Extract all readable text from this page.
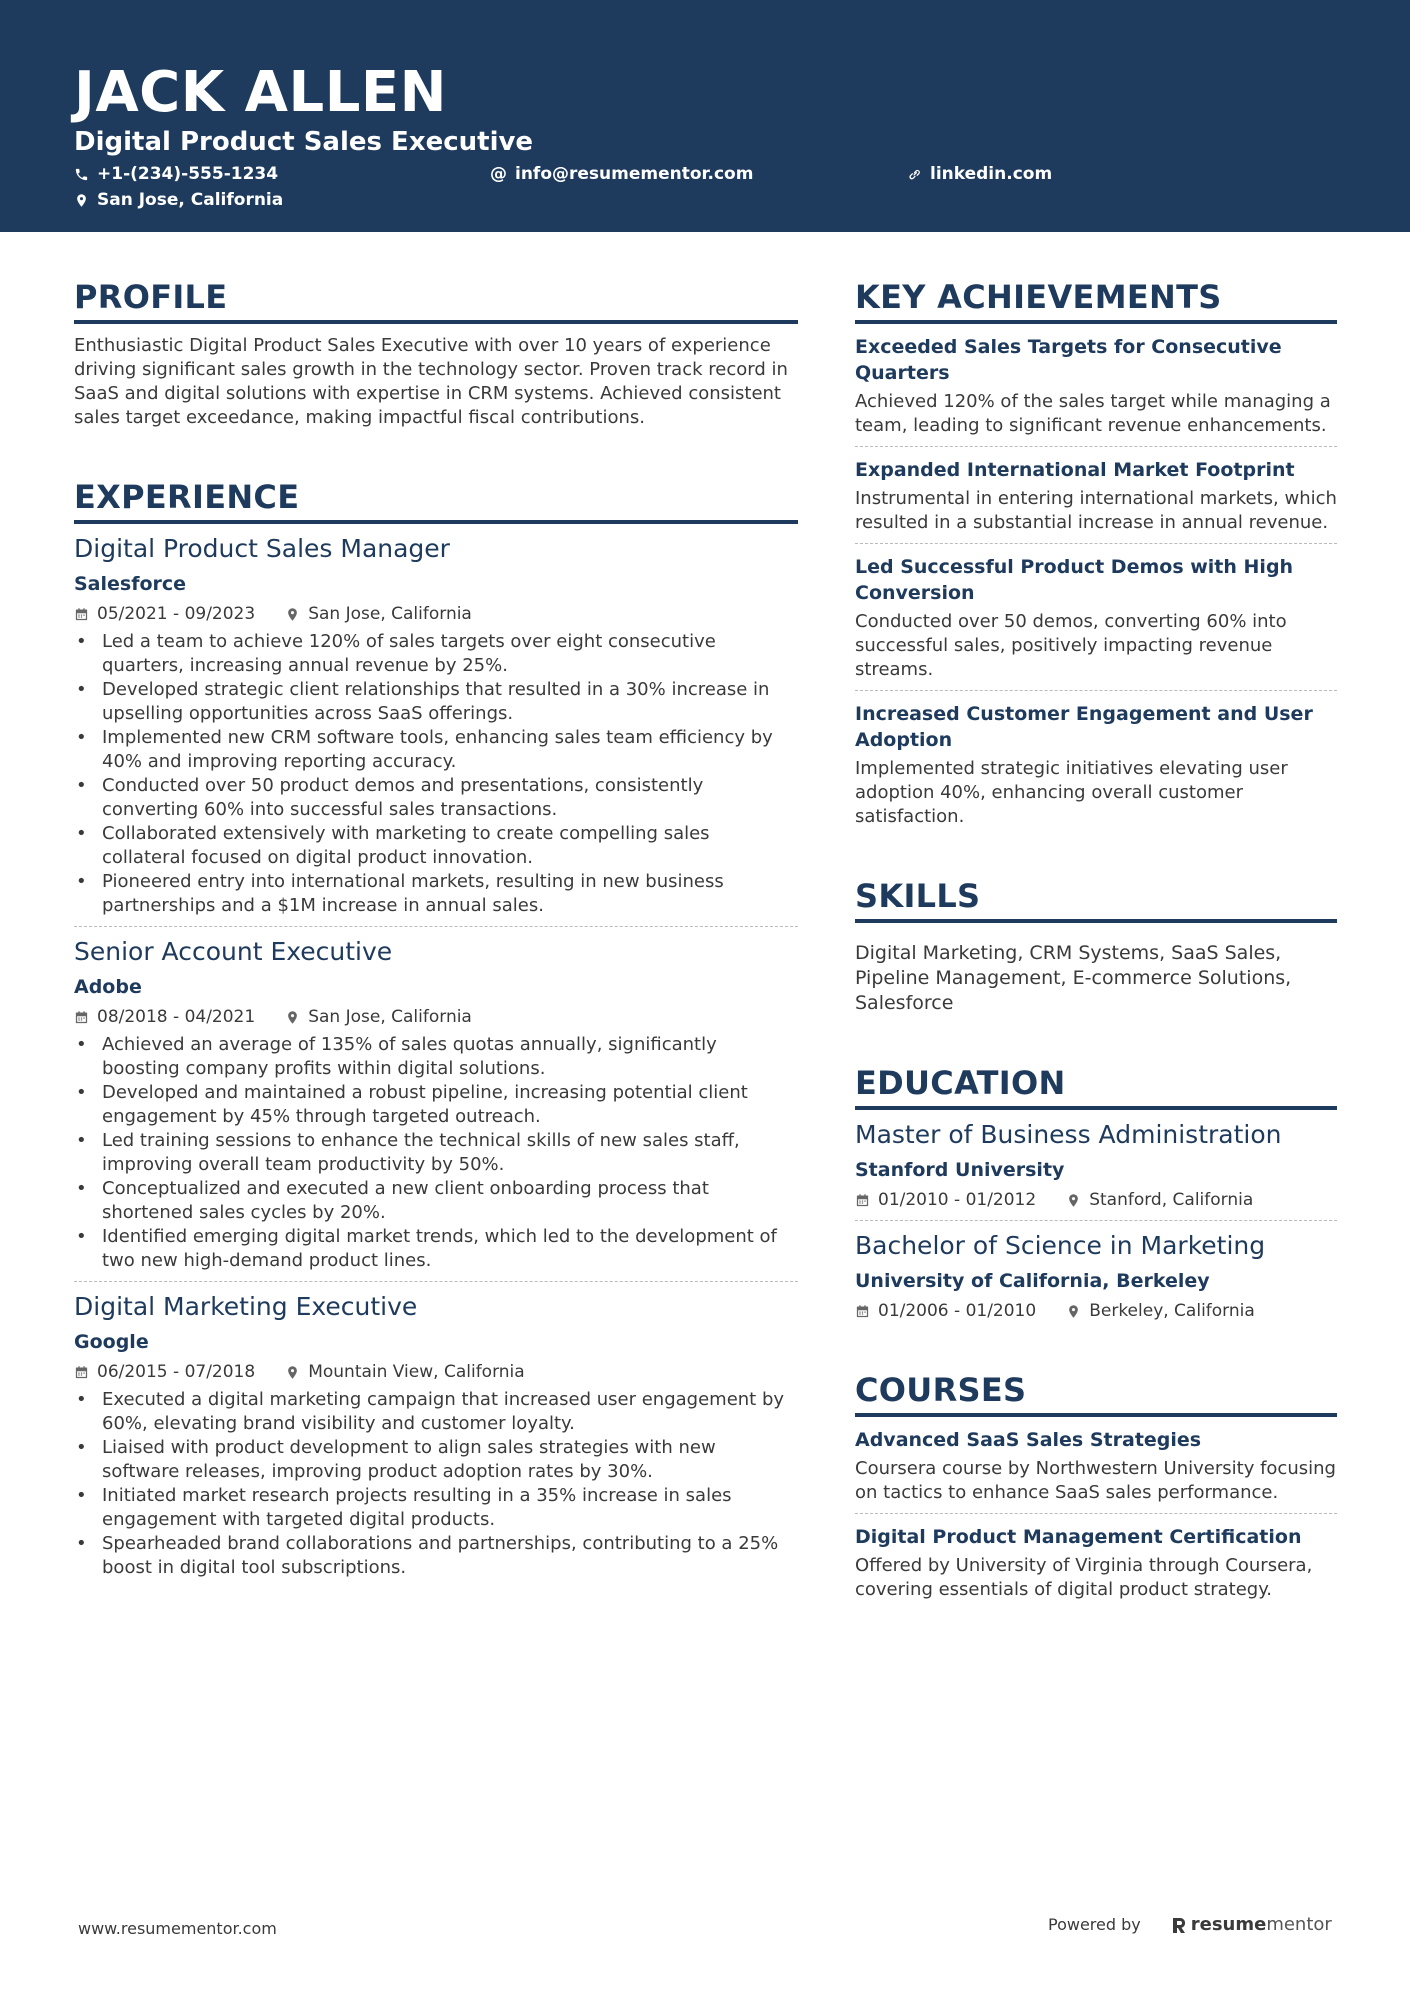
JACK ALLEN
Digital Product Sales Executive
+1-(234)-555-1234	@ info@resumementor.com	linkedin.com
San Jose, California
PROFILE

Enthusiastic Digital Product Sales Executive with over 10 years of experience driving significant sales growth in the technology sector. Proven track record in SaaS and digital solutions with expertise in CRM systems. Achieved consistent sales target exceedance, making impactful fiscal contributions.

EXPERIENCE
Digital Product Sales Manager
Salesforce
05/2021 - 09/2023	San Jose, California
• Led a team to achieve 120% of sales targets over eight consecutive quarters, increasing annual revenue by 25%.
• Developed strategic client relationships that resulted in a 30% increase in upselling opportunities across SaaS offerings.
• Implemented new CRM software tools, enhancing sales team efficiency by 40% and improving reporting accuracy.
• Conducted over 50 product demos and presentations, consistently converting 60% into successful sales transactions.
• Collaborated extensively with marketing to create compelling sales collateral focused on digital product innovation.
• Pioneered entry into international markets, resulting in new business partnerships and a $1M increase in annual sales.
Senior Account Executive
Adobe
08/2018 - 04/2021	San Jose, California
• Achieved an average of 135% of sales quotas annually, significantly boosting company profits within digital solutions.
• Developed and maintained a robust pipeline, increasing potential client engagement by 45% through targeted outreach.
• Led training sessions to enhance the technical skills of new sales staff, improving overall team productivity by 50%.
• Conceptualized and executed a new client onboarding process that shortened sales cycles by 20%.
• Identified emerging digital market trends, which led to the development of two new high-demand product lines.
Digital Marketing Executive
Google
06/2015 - 07/2018	Mountain View, California
• Executed a digital marketing campaign that increased user engagement by 60%, elevating brand visibility and customer loyalty.
• Liaised with product development to align sales strategies with new software releases, improving product adoption rates by 30%.
• Initiated market research projects resulting in a 35% increase in sales engagement with targeted digital products.
• Spearheaded brand collaborations and partnerships, contributing to a 25% boost in digital tool subscriptions.
KEY ACHIEVEMENTS
Exceeded Sales Targets for Consecutive Quarters
Achieved 120% of the sales target while managing a team, leading to significant revenue enhancements.
Expanded International Market Footprint
Instrumental in entering international markets, which resulted in a substantial increase in annual revenue.
Led Successful Product Demos with High Conversion
Conducted over 50 demos, converting 60% into successful sales, positively impacting revenue streams.
Increased Customer Engagement and User Adoption
Implemented strategic initiatives elevating user adoption 40%, enhancing overall customer satisfaction.
SKILLS

Digital Marketing, CRM Systems, SaaS Sales, Pipeline Management, E-commerce Solutions, Salesforce

EDUCATION
Master of Business Administration
Stanford University
01/2010 - 01/2012	Stanford, California
Bachelor of Science in Marketing
University of California, Berkeley
01/2006 - 01/2010	Berkeley, California
COURSES
Advanced SaaS Sales Strategies
Coursera course by Northwestern University focusing on tactics to enhance SaaS sales performance.
Digital Product Management Certification
Offered by University of Virginia through Coursera, covering essentials of digital product strategy.
www.resumementor.com	Powered by	resume mentor
